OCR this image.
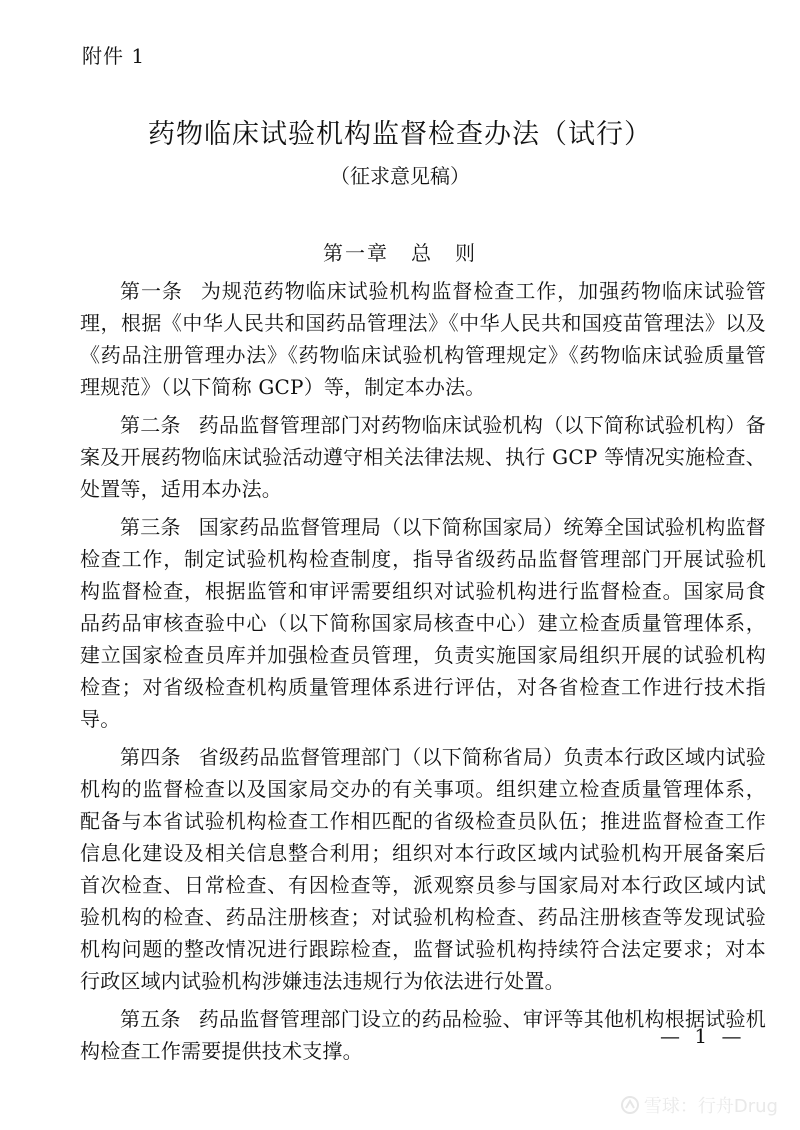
附件 1
药物临床试验机构监督检查办法（试行）
（征求意见稿）
第一章　总　则

第一条 为规范药物临床试验机构监督检查工作，加强药物临床试验管理，根据《中华人民共和国药品管理法》《中华人民共和国疫苗管理法》以及《药品注册管理办法》《药物临床试验机构管理规定》《药物临床试验质量管理规范》（以下简称 GCP）等，制定本办法。

第二条 药品监督管理部门对药物临床试验机构（以下简称试验机构）备案及开展药物临床试验活动遵守相关法律法规、执行 GCP 等情况实施检查、处置等，适用本办法。

第三条 国家药品监督管理局（以下简称国家局）统筹全国试验机构监督检查工作，制定试验机构检查制度，指导省级药品监督管理部门开展试验机构监督检查，根据监管和审评需要组织对试验机构进行监督检查。国家局食品药品审核查验中心（以下简称国家局核查中心）建立检查质量管理体系，建立国家检查员库并加强检查员管理，负责实施国家局组织开展的试验机构检查；对省级检查机构质量管理体系进行评估，对各省检查工作进行技术指导。

第四条 省级药品监督管理部门（以下简称省局）负责本行政区域内试验机构的监督检查以及国家局交办的有关事项。组织建立检查质量管理体系，配备与本省试验机构检查工作相匹配的省级检查员队伍；推进监督检查工作信息化建设及相关信息整合利用；组织对本行政区域内试验机构开展备案后首次检查、日常检查、有因检查等，派观察员参与国家局对本行政区域内试验机构的检查、药品注册核查；对试验机构检查、药品注册核查等发现试验机构问题的整改情况进行跟踪检查，监督试验机构持续符合法定要求；对本行政区域内试验机构涉嫌违法违规行为依法进行处置。

第五条 药品监督管理部门设立的药品检验、审评等其他机构根据试验机构检查工作需要提供技术支撑。

— 1 —
雪球：行舟Drug
